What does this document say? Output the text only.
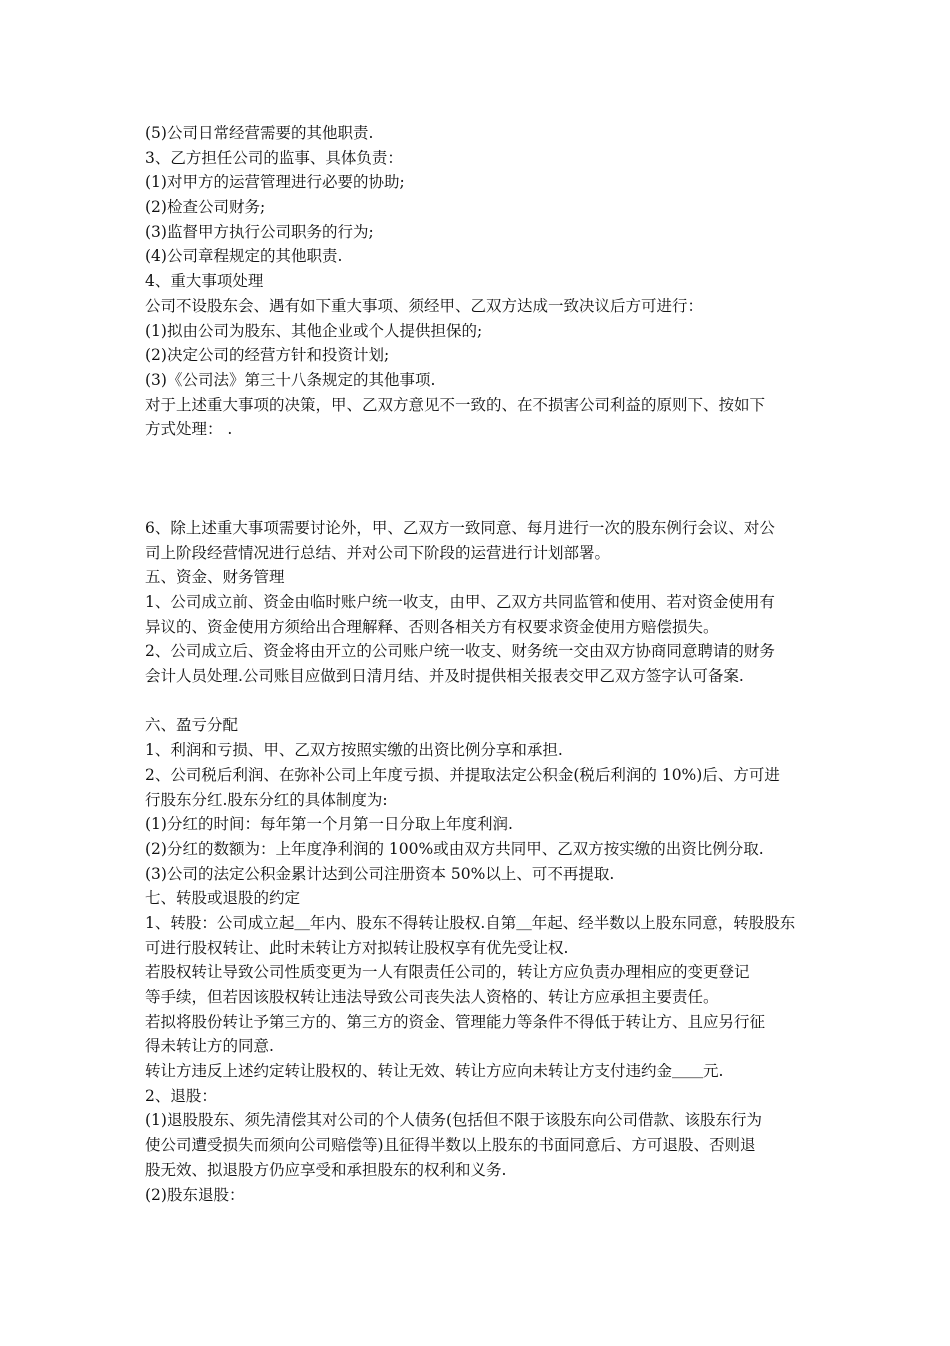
(5)公司日常经营需要的其他职责.
3、乙方担任公司的监事、具体负责：
(1)对甲方的运营管理进行必要的协助;
(2)检查公司财务;
(3)监督甲方执行公司职务的行为;
(4)公司章程规定的其他职责.
4、重大事项处理
公司不设股东会、遇有如下重大事项、须经甲、乙双方达成一致决议后方可进行：
(1)拟由公司为股东、其他企业或个人提供担保的;
(2)决定公司的经营方针和投资计划;
(3)《公司法》第三十八条规定的其他事项.
对于上述重大事项的决策，甲、乙双方意见不一致的、在不损害公司利益的原则下、按如下
方式处理： .
6、除上述重大事项需要讨论外，甲、乙双方一致同意、每月进行一次的股东例行会议、对公
司上阶段经营情况进行总结、并对公司下阶段的运营进行计划部署。
五、资金、财务管理
1、公司成立前、资金由临时账户统一收支，由甲、乙双方共同监管和使用、若对资金使用有
异议的、资金使用方须给出合理解释、否则各相关方有权要求资金使用方赔偿损失。
2、公司成立后、资金将由开立的公司账户统一收支、财务统一交由双方协商同意聘请的财务
会计人员处理.公司账目应做到日清月结、并及时提供相关报表交甲乙双方签字认可备案.
六、盈亏分配
1、利润和亏损、甲、乙双方按照实缴的出资比例分享和承担.
2、公司税后利润、在弥补公司上年度亏损、并提取法定公积金(税后利润的 10%)后、方可进
行股东分红.股东分红的具体制度为:
(1)分红的时间：每年第一个月第一日分取上年度利润.
(2)分红的数额为：上年度净利润的 100%或由双方共同甲、乙双方按实缴的出资比例分取.
(3)公司的法定公积金累计达到公司注册资本 50%以上、可不再提取.
七、转股或退股的约定
1、转股：公司成立起＿年内、股东不得转让股权.自第＿年起、经半数以上股东同意，转股股东
可进行股权转让、此时未转让方对拟转让股权享有优先受让权.
若股权转让导致公司性质变更为一人有限责任公司的，转让方应负责办理相应的变更登记
等手续，但若因该股权转让违法导致公司丧失法人资格的、转让方应承担主要责任。
若拟将股份转让予第三方的、第三方的资金、管理能力等条件不得低于转让方、且应另行征
得未转让方的同意.
转让方违反上述约定转让股权的、转让无效、转让方应向未转让方支付违约金＿＿元.
2、退股：
(1)退股股东、须先清偿其对公司的个人债务(包括但不限于该股东向公司借款、该股东行为
使公司遭受损失而须向公司赔偿等)且征得半数以上股东的书面同意后、方可退股、否则退
股无效、拟退股方仍应享受和承担股东的权利和义务.
(2)股东退股：
